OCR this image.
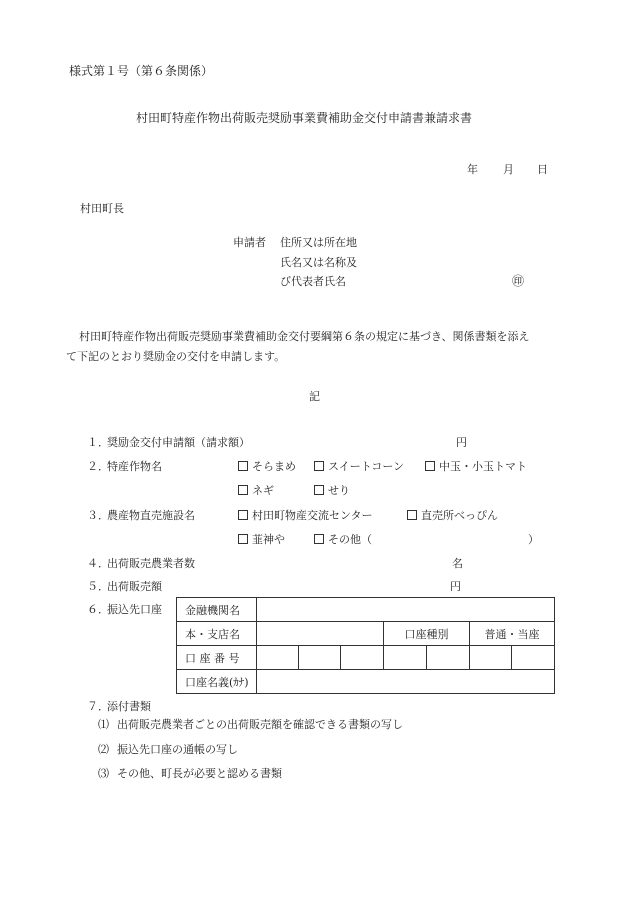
様式第１号（第６条関係）
村田町特産作物出荷販売奨励事業費補助金交付申請書兼請求書
年 月 日
村田町長
申請者 住所又は所在地
氏名又は名称及
び代表者氏名	㊞
村田町特産作物出荷販売奨励事業費補助金交付要綱第６条の規定に基づき、関係書類を添え
て下記のとおり奨励金の交付を申請します。
記
１．
奨励金交付申請額（請求額）	円
２．
特産作物名	そらまめ	スイートコーン	中玉・小玉トマト
ネギ	せり
３．
農産物直売施設名	村田町物産交流センター	直売所べっぴん
韮神や	その他（	）
４．
出荷販売農業者数	名
５．
出荷販売額	円
６．
振込先口座 金融機関名							
本・支店名				口座種別		普通・当座	
口 座 番 号							
口座名義(ｶﾅ)							
７．
添付書類
⑴ 出荷販売農業者ごとの出荷販売額を確認できる書類の写し
⑵ 振込先口座の通帳の写し
⑶ その他、町長が必要と認める書類
